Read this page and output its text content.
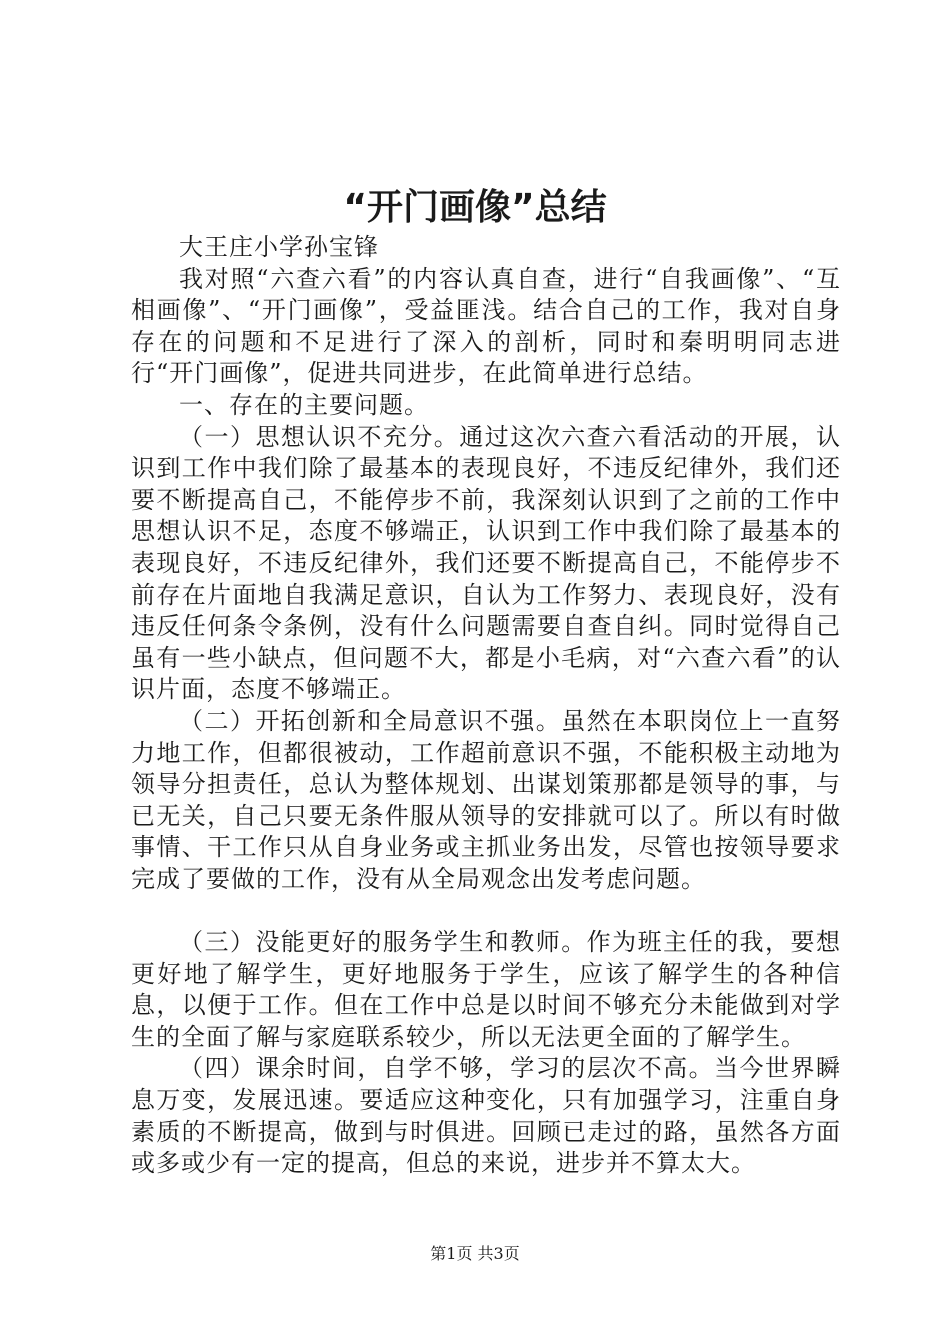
“开门画像”总结

大王庄小学孙宝锋

我对照“六查六看”的内容认真自查，进行“自我画像”、“互相画像”、“开门画像”，受益匪浅。结合自己的工作，我对自身存在的问题和不足进行了深入的剖析，同时和秦明明同志进行“开门画像”，促进共同进步，在此简单进行总结。

一、存在的主要问题。

（一）思想认识不充分。通过这次六查六看活动的开展，认识到工作中我们除了最基本的表现良好，不违反纪律外，我们还要不断提高自己，不能停步不前，我深刻认识到了之前的工作中思想认识不足，态度不够端正，认识到工作中我们除了最基本的表现良好，不违反纪律外，我们还要不断提高自己，不能停步不前存在片面地自我满足意识，自认为工作努力、表现良好，没有违反任何条令条例，没有什么问题需要自查自纠。同时觉得自己虽有一些小缺点，但问题不大，都是小毛病，对“六查六看”的认识片面，态度不够端正。

（二）开拓创新和全局意识不强。虽然在本职岗位上一直努力地工作，但都很被动，工作超前意识不强，不能积极主动地为领导分担责任，总认为整体规划、出谋划策那都是领导的事，与已无关，自己只要无条件服从领导的安排就可以了。所以有时做事情、干工作只从自身业务或主抓业务出发，尽管也按领导要求完成了要做的工作，没有从全局观念出发考虑问题。

（三）没能更好的服务学生和教师。作为班主任的我，要想更好地了解学生，更好地服务于学生，应该了解学生的各种信息，以便于工作。但在工作中总是以时间不够充分未能做到对学生的全面了解与家庭联系较少，所以无法更全面的了解学生。

（四）课余时间，自学不够，学习的层次不高。当今世界瞬息万变，发展迅速。要适应这种变化，只有加强学习，注重自身素质的不断提高，做到与时俱进。回顾已走过的路，虽然各方面或多或少有一定的提高，但总的来说，进步并不算太大。

第1页 共3页
